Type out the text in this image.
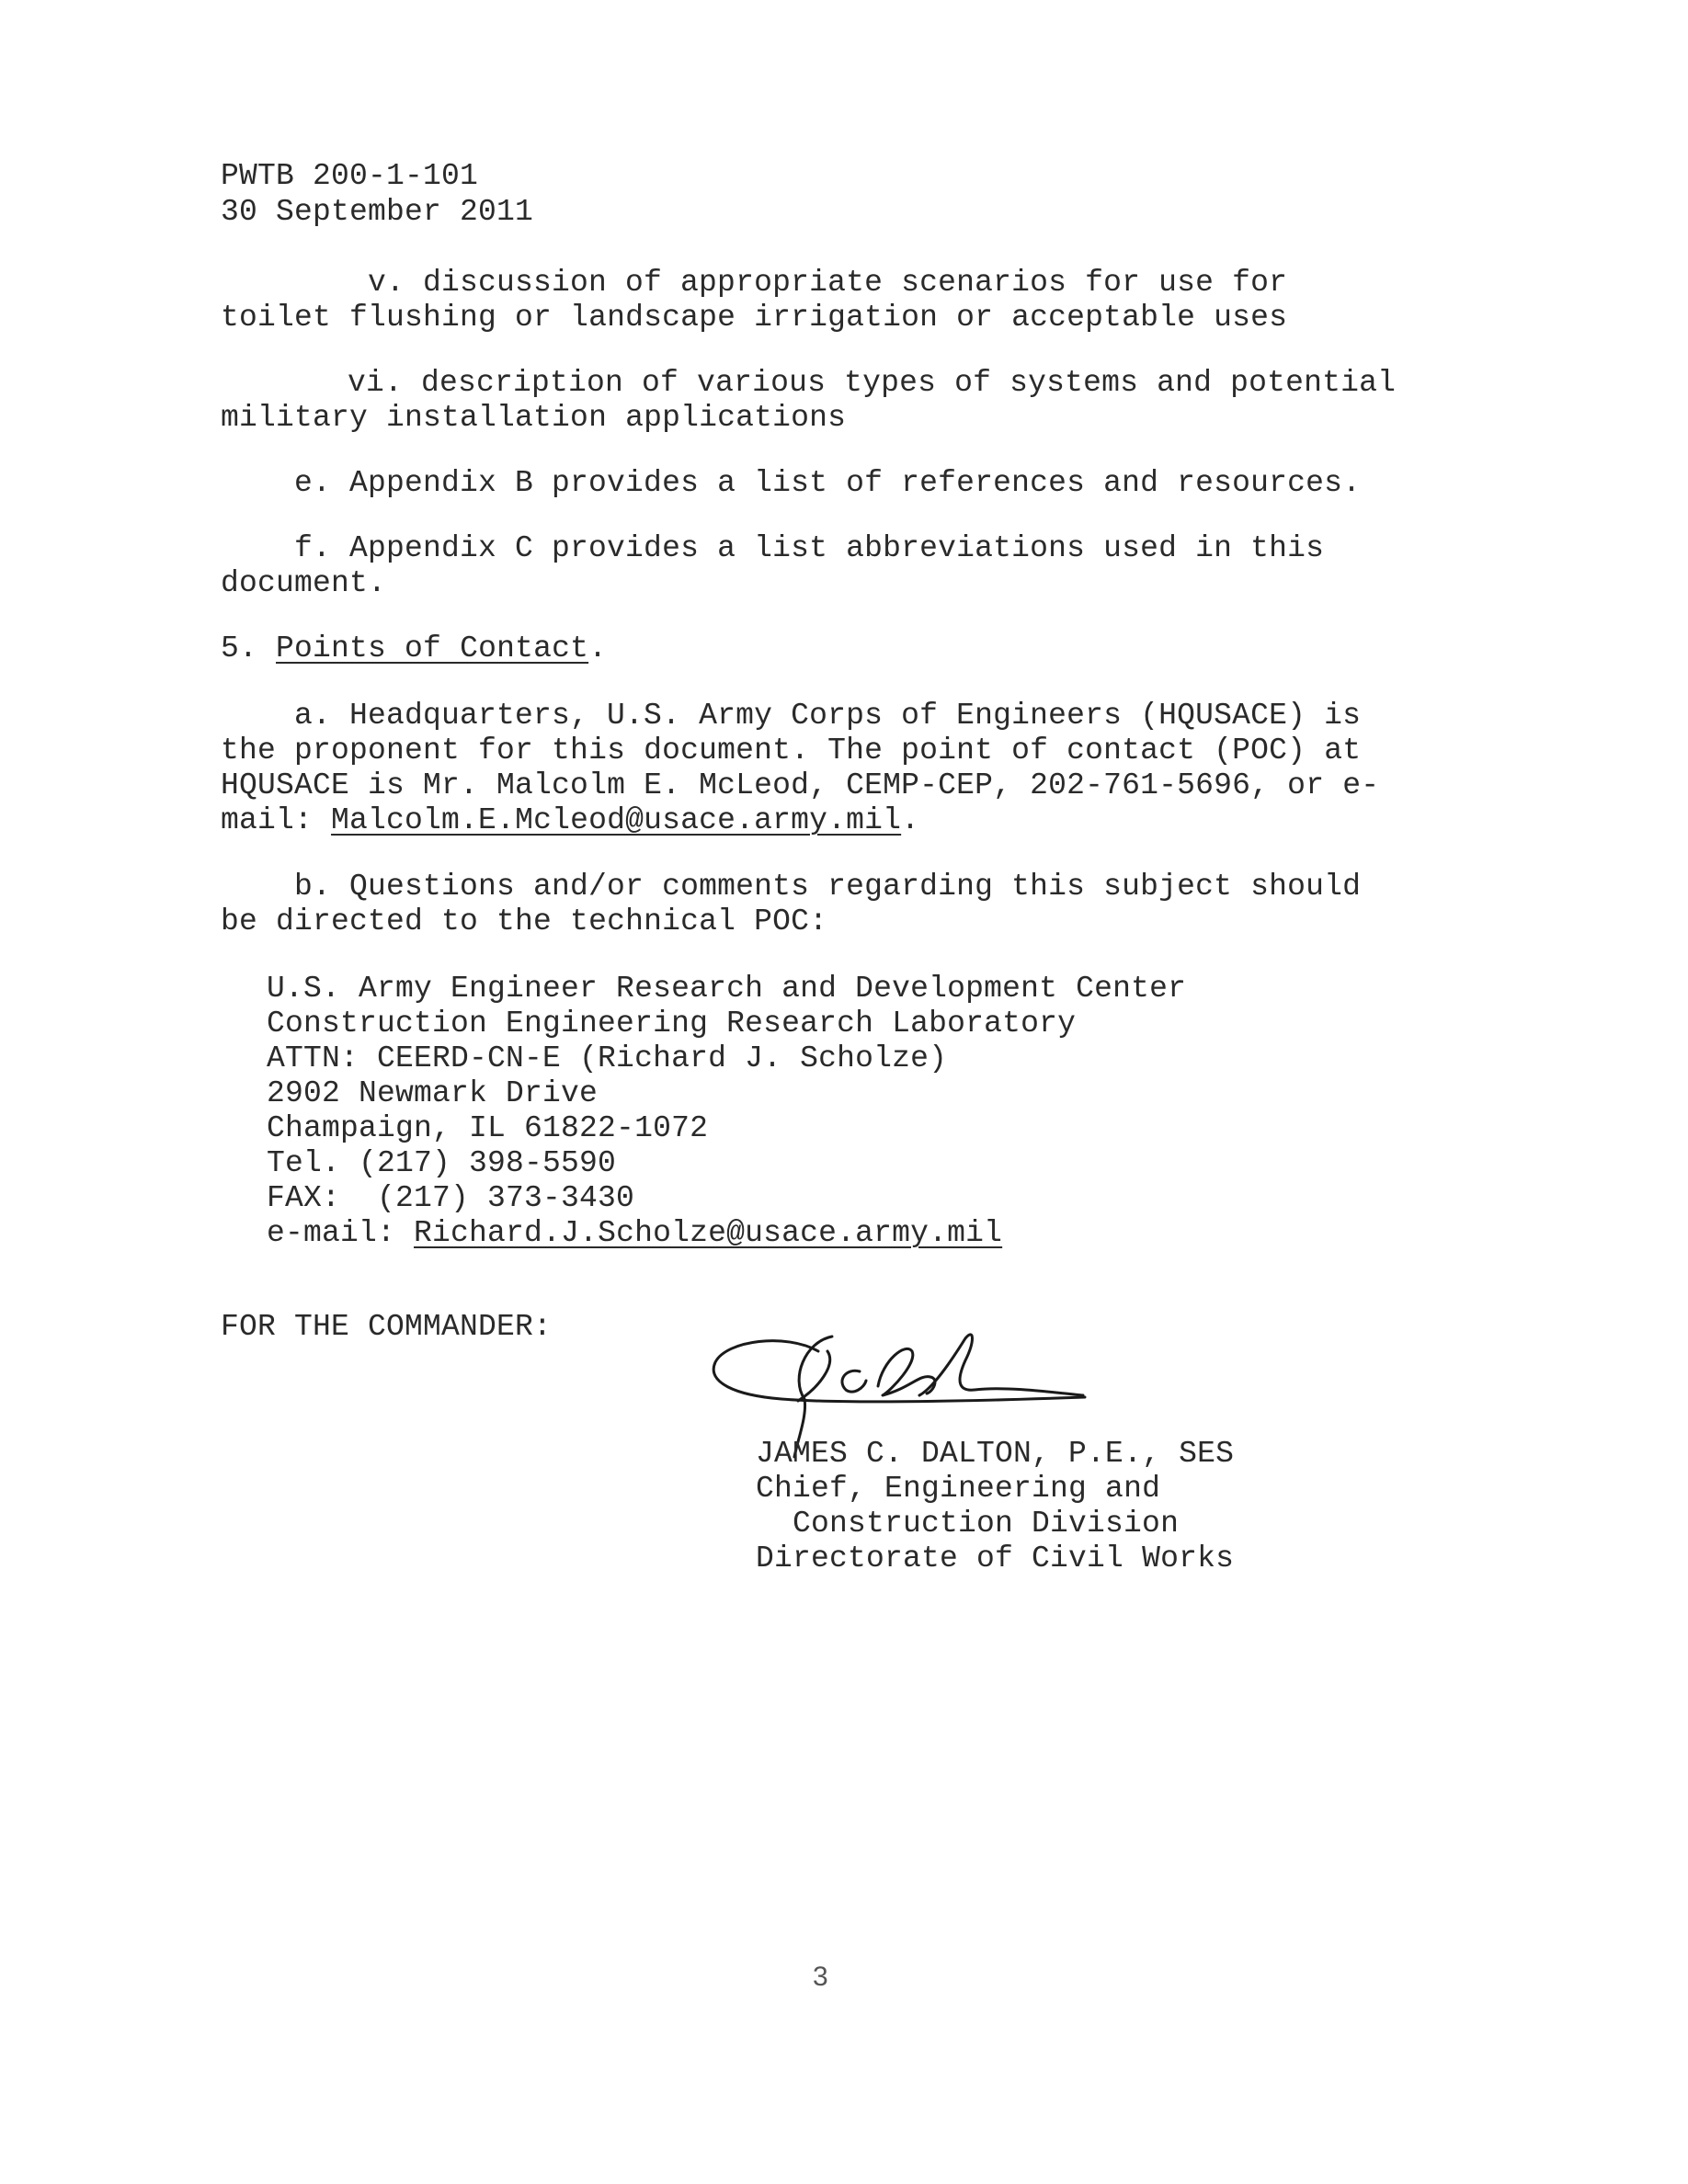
PWTB 200-1-101
30 September 2011
v. discussion of appropriate scenarios for use for
toilet flushing or landscape irrigation or acceptable uses
vi. description of various types of systems and potential
military installation applications
e. Appendix B provides a list of references and resources.
f. Appendix C provides a list abbreviations used in this
document.
5. Points of Contact.
a. Headquarters, U.S. Army Corps of Engineers (HQUSACE) is
the proponent for this document. The point of contact (POC) at
HQUSACE is Mr. Malcolm E. McLeod, CEMP-CEP, 202-761-5696, or e-
mail: Malcolm.E.Mcleod@usace.army.mil.
b. Questions and/or comments regarding this subject should
be directed to the technical POC:
U.S. Army Engineer Research and Development Center
Construction Engineering Research Laboratory
ATTN: CEERD-CN-E (Richard J. Scholze)
2902 Newmark Drive
Champaign, IL 61822-1072
Tel. (217) 398-5590
FAX:  (217) 373-3430
e-mail: Richard.J.Scholze@usace.army.mil
FOR THE COMMANDER:
JAMES C. DALTON, P.E., SES
Chief, Engineering and
Construction Division
Directorate of Civil Works
3
